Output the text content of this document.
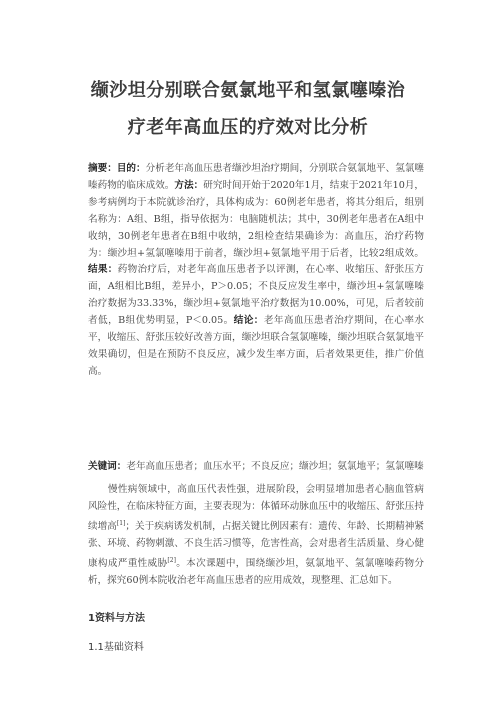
缬沙坦分别联合氨氯地平和氢氯噻嗪治
疗老年高血压的疗效对比分析
摘要：目的：分析老年高血压患者缬沙坦治疗期间，分别联合氨氯地平、氢氯噻嗪药物的临床成效。方法：研究时间开始于2020年1月，结束于2021年10月，参考病例均于本院就诊治疗，具体构成为：60例老年患者，将其分组后，组别名称为：A组、B组，指导依据为：电脑随机法；其中，30例老年患者在A组中收纳，30例老年患者在B组中收纳，2组检查结果确诊为：高血压，治疗药物为：缬沙坦+氢氯噻嗪用于前者，缬沙坦+氨氯地平用于后者，比较2组成效。结果：药物治疗后，对老年高血压患者予以评测，在心率、收缩压、舒张压方面，A组相比B组，差异小，P＞0.05；不良反应发生率中，缬沙坦+氢氯噻嗪治疗数据为33.33%，缬沙坦+氨氯地平治疗数据为10.00%，可见，后者较前者低，B组优势明显，P＜0.05。结论：老年高血压患者治疗期间，在心率水平，收缩压、舒张压较好改善方面，缬沙坦联合氢氯噻嗪，缬沙坦联合氨氯地平效果确切，但是在预防不良反应，减少发生率方面，后者效果更佳，推广价值高。
关键词：老年高血压患者；血压水平；不良反应；缬沙坦；氨氯地平；氢氯噻嗪
慢性病领域中，高血压代表性强，进展阶段，会明显增加患者心脑血管病风险性，在临床特征方面，主要表现为：体循环动脉血压中的收缩压、舒张压持续增高[1]；关于疾病诱发机制，占据关键比例因素有：遗传、年龄、长期精神紧张、环境、药物刺激、不良生活习惯等，危害性高，会对患者生活质量、身心健康构成严重性威胁[2]。本次课题中，围绕缬沙坦，氨氯地平、氢氯噻嗪药物分析，探究60例本院收治老年高血压患者的应用成效，现整理、汇总如下。
1资料与方法
1.1基础资料
